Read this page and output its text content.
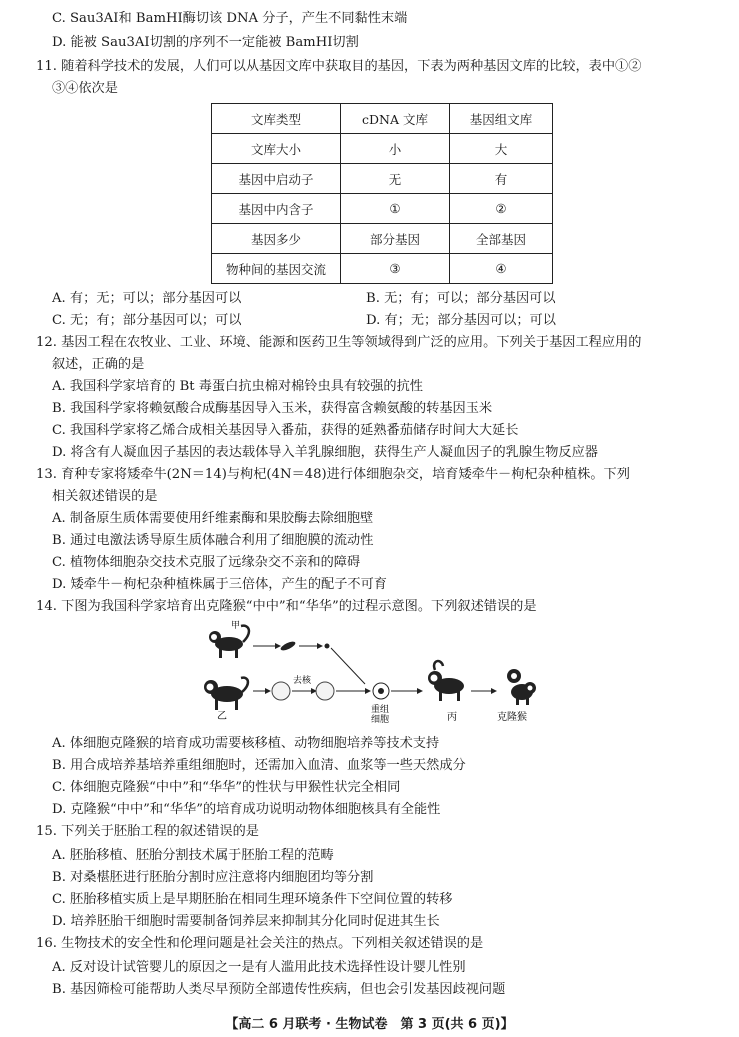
C. Sau3AⅠ和 BamHⅠ酶切该 DNA 分子，产生不同黏性末端
D. 能被 Sau3AⅠ切割的序列不一定能被 BamHⅠ切割
11. 随着科学技术的发展，人们可以从基因文库中获取目的基因，下表为两种基因文库的比较，表中①②
③④依次是
文库类型	cDNA 文库	基因组文库
文库大小	小	大
基因中启动子	无	有
基因中内含子	①	②
基因多少	部分基因	全部基因
物种间的基因交流	③	④
A. 有；无；可以；部分基因可以	B. 无；有；可以；部分基因可以
C. 无；有；部分基因可以；可以	D. 有；无；部分基因可以；可以
12. 基因工程在农牧业、工业、环境、能源和医药卫生等领域得到广泛的应用。下列关于基因工程应用的
叙述，正确的是
A. 我国科学家培育的 Bt 毒蛋白抗虫棉对棉铃虫具有较强的抗性
B. 我国科学家将赖氨酸合成酶基因导入玉米，获得富含赖氨酸的转基因玉米
C. 我国科学家将乙烯合成相关基因导入番茄，获得的延熟番茄储存时间大大延长
D. 将含有人凝血因子基因的表达载体导入羊乳腺细胞，获得生产人凝血因子的乳腺生物反应器
13. 育种专家将矮牵牛(2N＝14)与枸杞(4N＝48)进行体细胞杂交，培育矮牵牛－枸杞杂种植株。下列
相关叙述错误的是
A. 制备原生质体需要使用纤维素酶和果胶酶去除细胞壁
B. 通过电激法诱导原生质体融合利用了细胞膜的流动性
C. 植物体细胞杂交技术克服了远缘杂交不亲和的障碍
D. 矮牵牛－枸杞杂种植株属于三倍体，产生的配子不可育
14. 下图为我国科学家培育出克隆猴“中中”和“华华”的过程示意图。下列叙述错误的是
甲
乙
去核
重组
细胞	丙	克隆猴
A. 体细胞克隆猴的培育成功需要核移植、动物细胞培养等技术支持
B. 用合成培养基培养重组细胞时，还需加入血清、血浆等一些天然成分
C. 体细胞克隆猴“中中”和“华华”的性状与甲猴性状完全相同
D. 克隆猴“中中”和“华华”的培育成功说明动物体细胞核具有全能性
15. 下列关于胚胎工程的叙述错误的是
A. 胚胎移植、胚胎分割技术属于胚胎工程的范畴
B. 对桑椹胚进行胚胎分割时应注意将内细胞团均等分割
C. 胚胎移植实质上是早期胚胎在相同生理环境条件下空间位置的转移
D. 培养胚胎干细胞时需要制备饲养层来抑制其分化同时促进其生长
16. 生物技术的安全性和伦理问题是社会关注的热点。下列相关叙述错误的是
A. 反对设计试管婴儿的原因之一是有人滥用此技术选择性设计婴儿性别
B. 基因筛检可能帮助人类尽早预防全部遗传性疾病，但也会引发基因歧视问题
【高二 6 月联考 · 生物试卷　第 3 页(共 6 页)】
